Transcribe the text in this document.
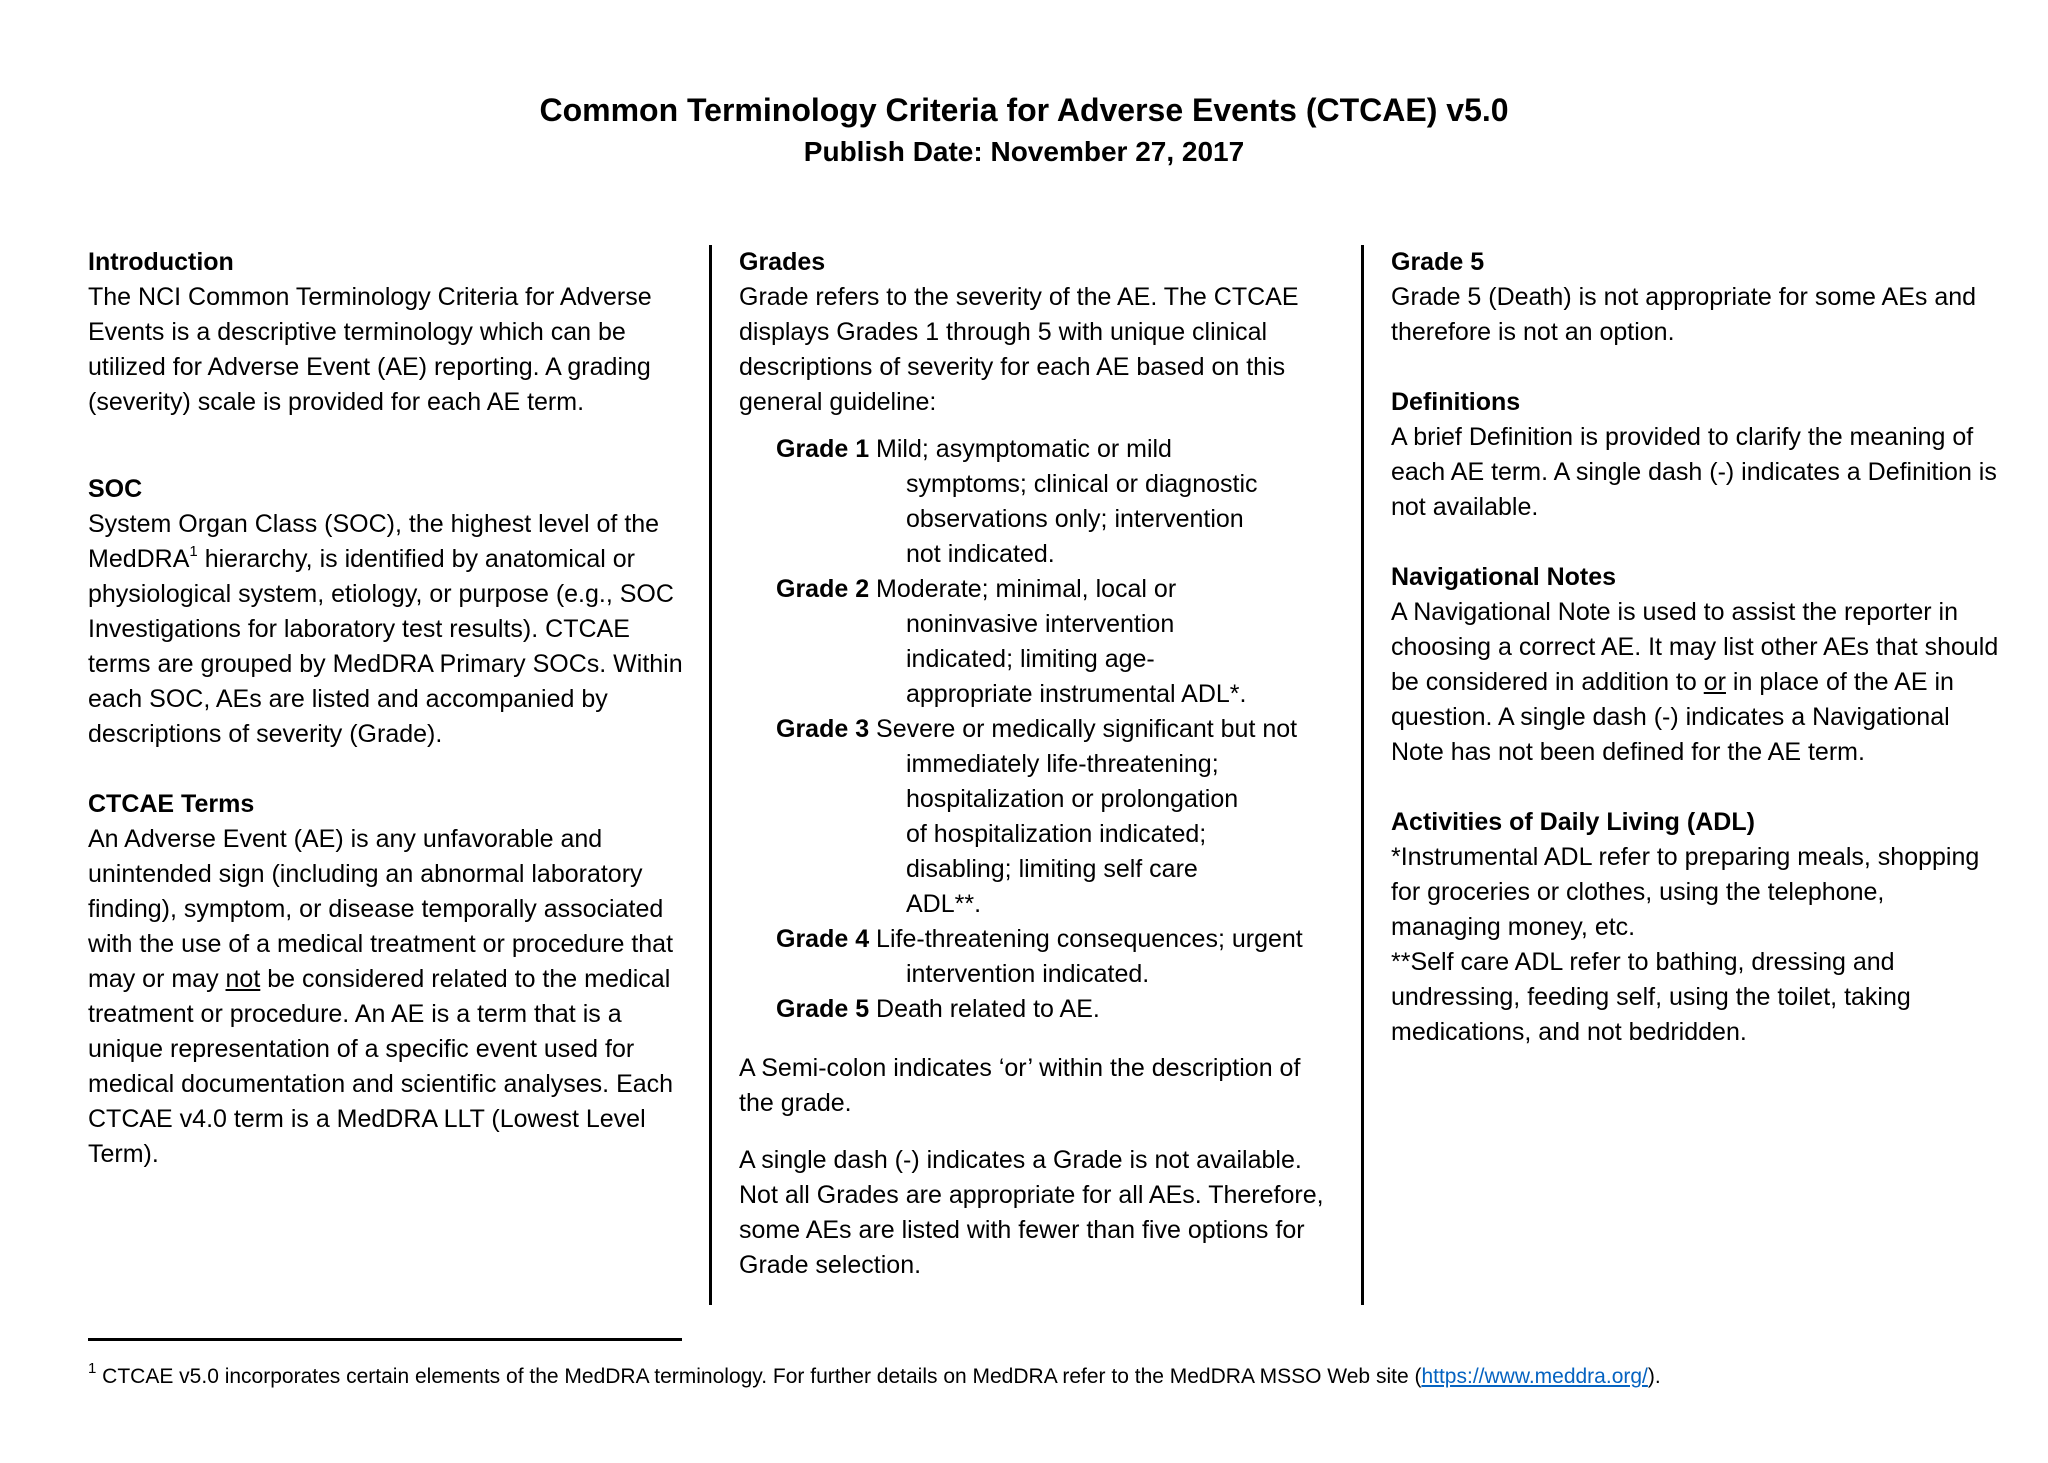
Common Terminology Criteria for Adverse Events (CTCAE) v5.0
Publish Date: November 27, 2017

Introduction

The NCI Common Terminology Criteria for Adverse Events is a descriptive terminology which can be utilized for Adverse Event (AE) reporting. A grading (severity) scale is provided for each AE term.

SOC

System Organ Class (SOC), the highest level of the MedDRA$^1$ hierarchy, is identified by anatomical or physiological system, etiology, or purpose (e.g., SOC Investigations for laboratory test results). CTCAE terms are grouped by MedDRA Primary SOCs. Within each SOC, AEs are listed and accompanied by descriptions of severity (Grade).

CTCAE Terms

An Adverse Event (AE) is any unfavorable and unintended sign (including an abnormal laboratory finding), symptom, or disease temporally associated with the use of a medical treatment or procedure that may or may not be considered related to the medical treatment or procedure. An AE is a term that is a unique representation of a specific event used for medical documentation and scientific analyses. Each CTCAE v4.0 term is a MedDRA LLT (Lowest Level Term).

Grades

Grade refers to the severity of the AE. The CTCAE displays Grades 1 through 5 with unique clinical descriptions of severity for each AE based on this general guideline:

Grade 1 Mild; asymptomatic or mild
symptoms; clinical or diagnostic
observations only; intervention
not indicated.
Grade 2 Moderate; minimal, local or
noninvasive intervention
indicated; limiting age-
appropriate instrumental ADL*.
Grade 3 Severe or medically significant but not
immediately life-threatening;
hospitalization or prolongation
of hospitalization indicated;
disabling; limiting self care
ADL**.
Grade 4 Life-threatening consequences; urgent
intervention indicated.
Grade 5 Death related to AE.

A Semi-colon indicates ‘or’ within the description of the grade.

A single dash (-) indicates a Grade is not available. Not all Grades are appropriate for all AEs. Therefore, some AEs are listed with fewer than five options for Grade selection.

Grade 5

Grade 5 (Death) is not appropriate for some AEs and therefore is not an option.

Definitions

A brief Definition is provided to clarify the meaning of each AE term. A single dash (-) indicates a Definition is not available.

Navigational Notes

A Navigational Note is used to assist the reporter in choosing a correct AE. It may list other AEs that should be considered in addition to or in place of the AE in question. A single dash (-) indicates a Navigational Note has not been defined for the AE term.

Activities of Daily Living (ADL)

*Instrumental ADL refer to preparing meals, shopping for groceries or clothes, using the telephone, managing money, etc.

**Self care ADL refer to bathing, dressing and undressing, feeding self, using the toilet, taking medications, and not bedridden.

$^1$ CTCAE v5.0 incorporates certain elements of the MedDRA terminology. For further details on MedDRA refer to the MedDRA MSSO Web site (https://www.meddra.org/).
